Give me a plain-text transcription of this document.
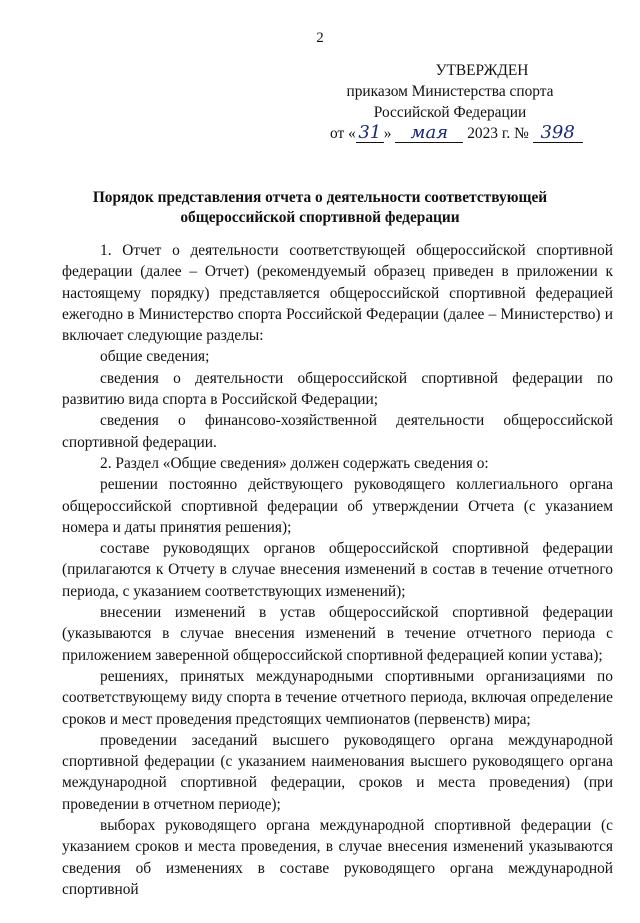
2
УТВЕРЖДЕН
приказом Министерства спорта
Российской Федерации
от « 31 » мая 2023 г. № 398
Порядок представления отчета о деятельности соответствующей общероссийской спортивной федерации

1. Отчет о деятельности соответствующей общероссийской спортивной федерации (далее – Отчет) (рекомендуемый образец приведен в приложении к настоящему порядку) представляется общероссийской спортивной федерацией ежегодно в Министерство спорта Российской Федерации (далее – Министерство) и включает следующие разделы:

общие сведения;

сведения о деятельности общероссийской спортивной федерации по развитию вида спорта в Российской Федерации;

сведения о финансово-хозяйственной деятельности общероссийской спортивной федерации.

2. Раздел «Общие сведения» должен содержать сведения о:

решении постоянно действующего руководящего коллегиального органа общероссийской спортивной федерации об утверждении Отчета (с указанием номера и даты принятия решения);

составе руководящих органов общероссийской спортивной федерации (прилагаются к Отчету в случае внесения изменений в состав в течение отчетного периода, с указанием соответствующих изменений);

внесении изменений в устав общероссийской спортивной федерации (указываются в случае внесения изменений в течение отчетного периода с приложением заверенной общероссийской спортивной федерацией копии устава);

решениях, принятых международными спортивными организациями по соответствующему виду спорта в течение отчетного периода, включая определение сроков и мест проведения предстоящих чемпионатов (первенств) мира;

проведении заседаний высшего руководящего органа международной спортивной федерации (с указанием наименования высшего руководящего органа международной спортивной федерации, сроков и места проведения) (при проведении в отчетном периоде);

выборах руководящего органа международной спортивной федерации (с указанием сроков и места проведения, в случае внесения изменений указываются сведения об изменениях в составе руководящего органа международной спортивной
